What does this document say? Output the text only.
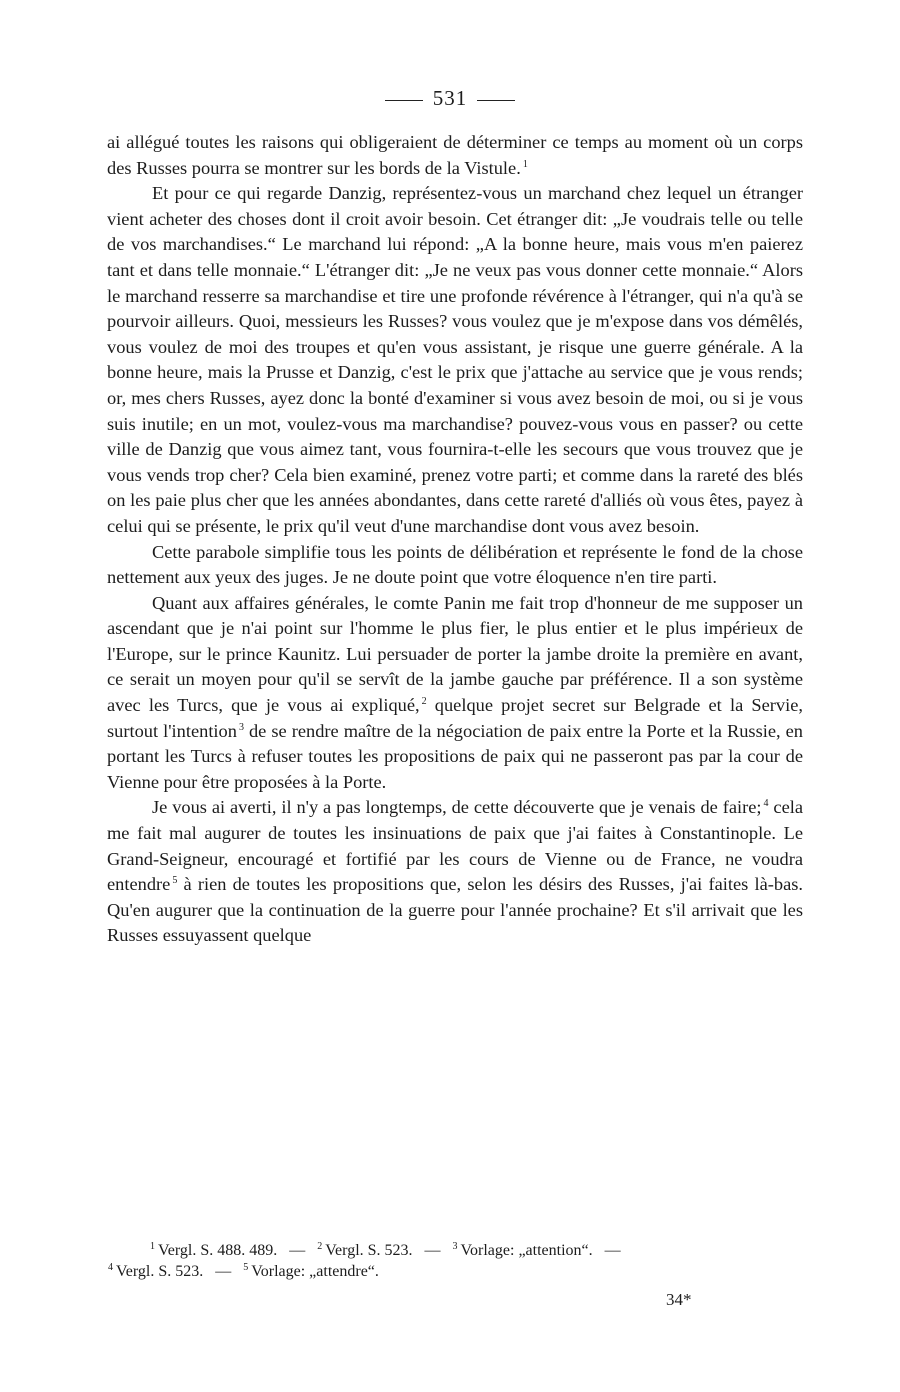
531

ai allégué toutes les raisons qui obligeraient de déterminer ce temps au moment où un corps des Russes pourra se montrer sur les bords de la Vistule. $^1$

Et pour ce qui regarde Danzig, représentez-vous un marchand chez lequel un étranger vient acheter des choses dont il croit avoir besoin. Cet étranger dit: „Je voudrais telle ou telle de vos marchandises.“ Le marchand lui répond: „A la bonne heure, mais vous m'en paierez tant et dans telle monnaie.“ L'étranger dit: „Je ne veux pas vous donner cette monnaie.“ Alors le marchand resserre sa marchandise et tire une profonde révérence à l'étranger, qui n'a qu'à se pourvoir ailleurs. Quoi, messieurs les Russes? vous voulez que je m'expose dans vos démêlés, vous voulez de moi des troupes et qu'en vous assistant, je risque une guerre générale. A la bonne heure, mais la Prusse et Danzig, c'est le prix que j'attache au service que je vous rends; or, mes chers Russes, ayez donc la bonté d'examiner si vous avez besoin de moi, ou si je vous suis inutile; en un mot, voulez-vous ma marchandise? pouvez-vous vous en passer? ou cette ville de Danzig que vous aimez tant, vous fournira-t-elle les secours que vous trouvez que je vous vends trop cher? Cela bien examiné, prenez votre parti; et comme dans la rareté des blés on les paie plus cher que les années abondantes, dans cette rareté d'alliés où vous êtes, payez à celui qui se présente, le prix qu'il veut d'une marchandise dont vous avez besoin.

Cette parabole simplifie tous les points de délibération et représente le fond de la chose nettement aux yeux des juges. Je ne doute point que votre éloquence n'en tire parti.

Quant aux affaires générales, le comte Panin me fait trop d'honneur de me supposer un ascendant que je n'ai point sur l'homme le plus fier, le plus entier et le plus impérieux de l'Europe, sur le prince Kaunitz. Lui persuader de porter la jambe droite la première en avant, ce serait un moyen pour qu'il se servît de la jambe gauche par préférence. Il a son système avec les Turcs, que je vous ai expliqué, $^2$ quelque projet secret sur Belgrade et la Servie, surtout l'intention $^3$ de se rendre maître de la négociation de paix entre la Porte et la Russie, en portant les Turcs à refuser toutes les propositions de paix qui ne passeront pas par la cour de Vienne pour être proposées à la Porte.

Je vous ai averti, il n'y a pas longtemps, de cette découverte que je venais de faire; $^4$ cela me fait mal augurer de toutes les insinuations de paix que j'ai faites à Constantinople. Le Grand-Seigneur, encouragé et fortifié par les cours de Vienne ou de France, ne voudra entendre $^5$ à rien de toutes les propositions que, selon les désirs des Russes, j'ai faites là-bas. Qu'en augurer que la continuation de la guerre pour l'année prochaine? Et s'il arrivait que les Russes essuyassent quelque

$^1$ Vergl. S. 488. 489. — $^2$ Vergl. S. 523. — $^3$ Vorlage: „attention“. —
$^4$ Vergl. S. 523. — $^5$ Vorlage: „attendre“.
34*
